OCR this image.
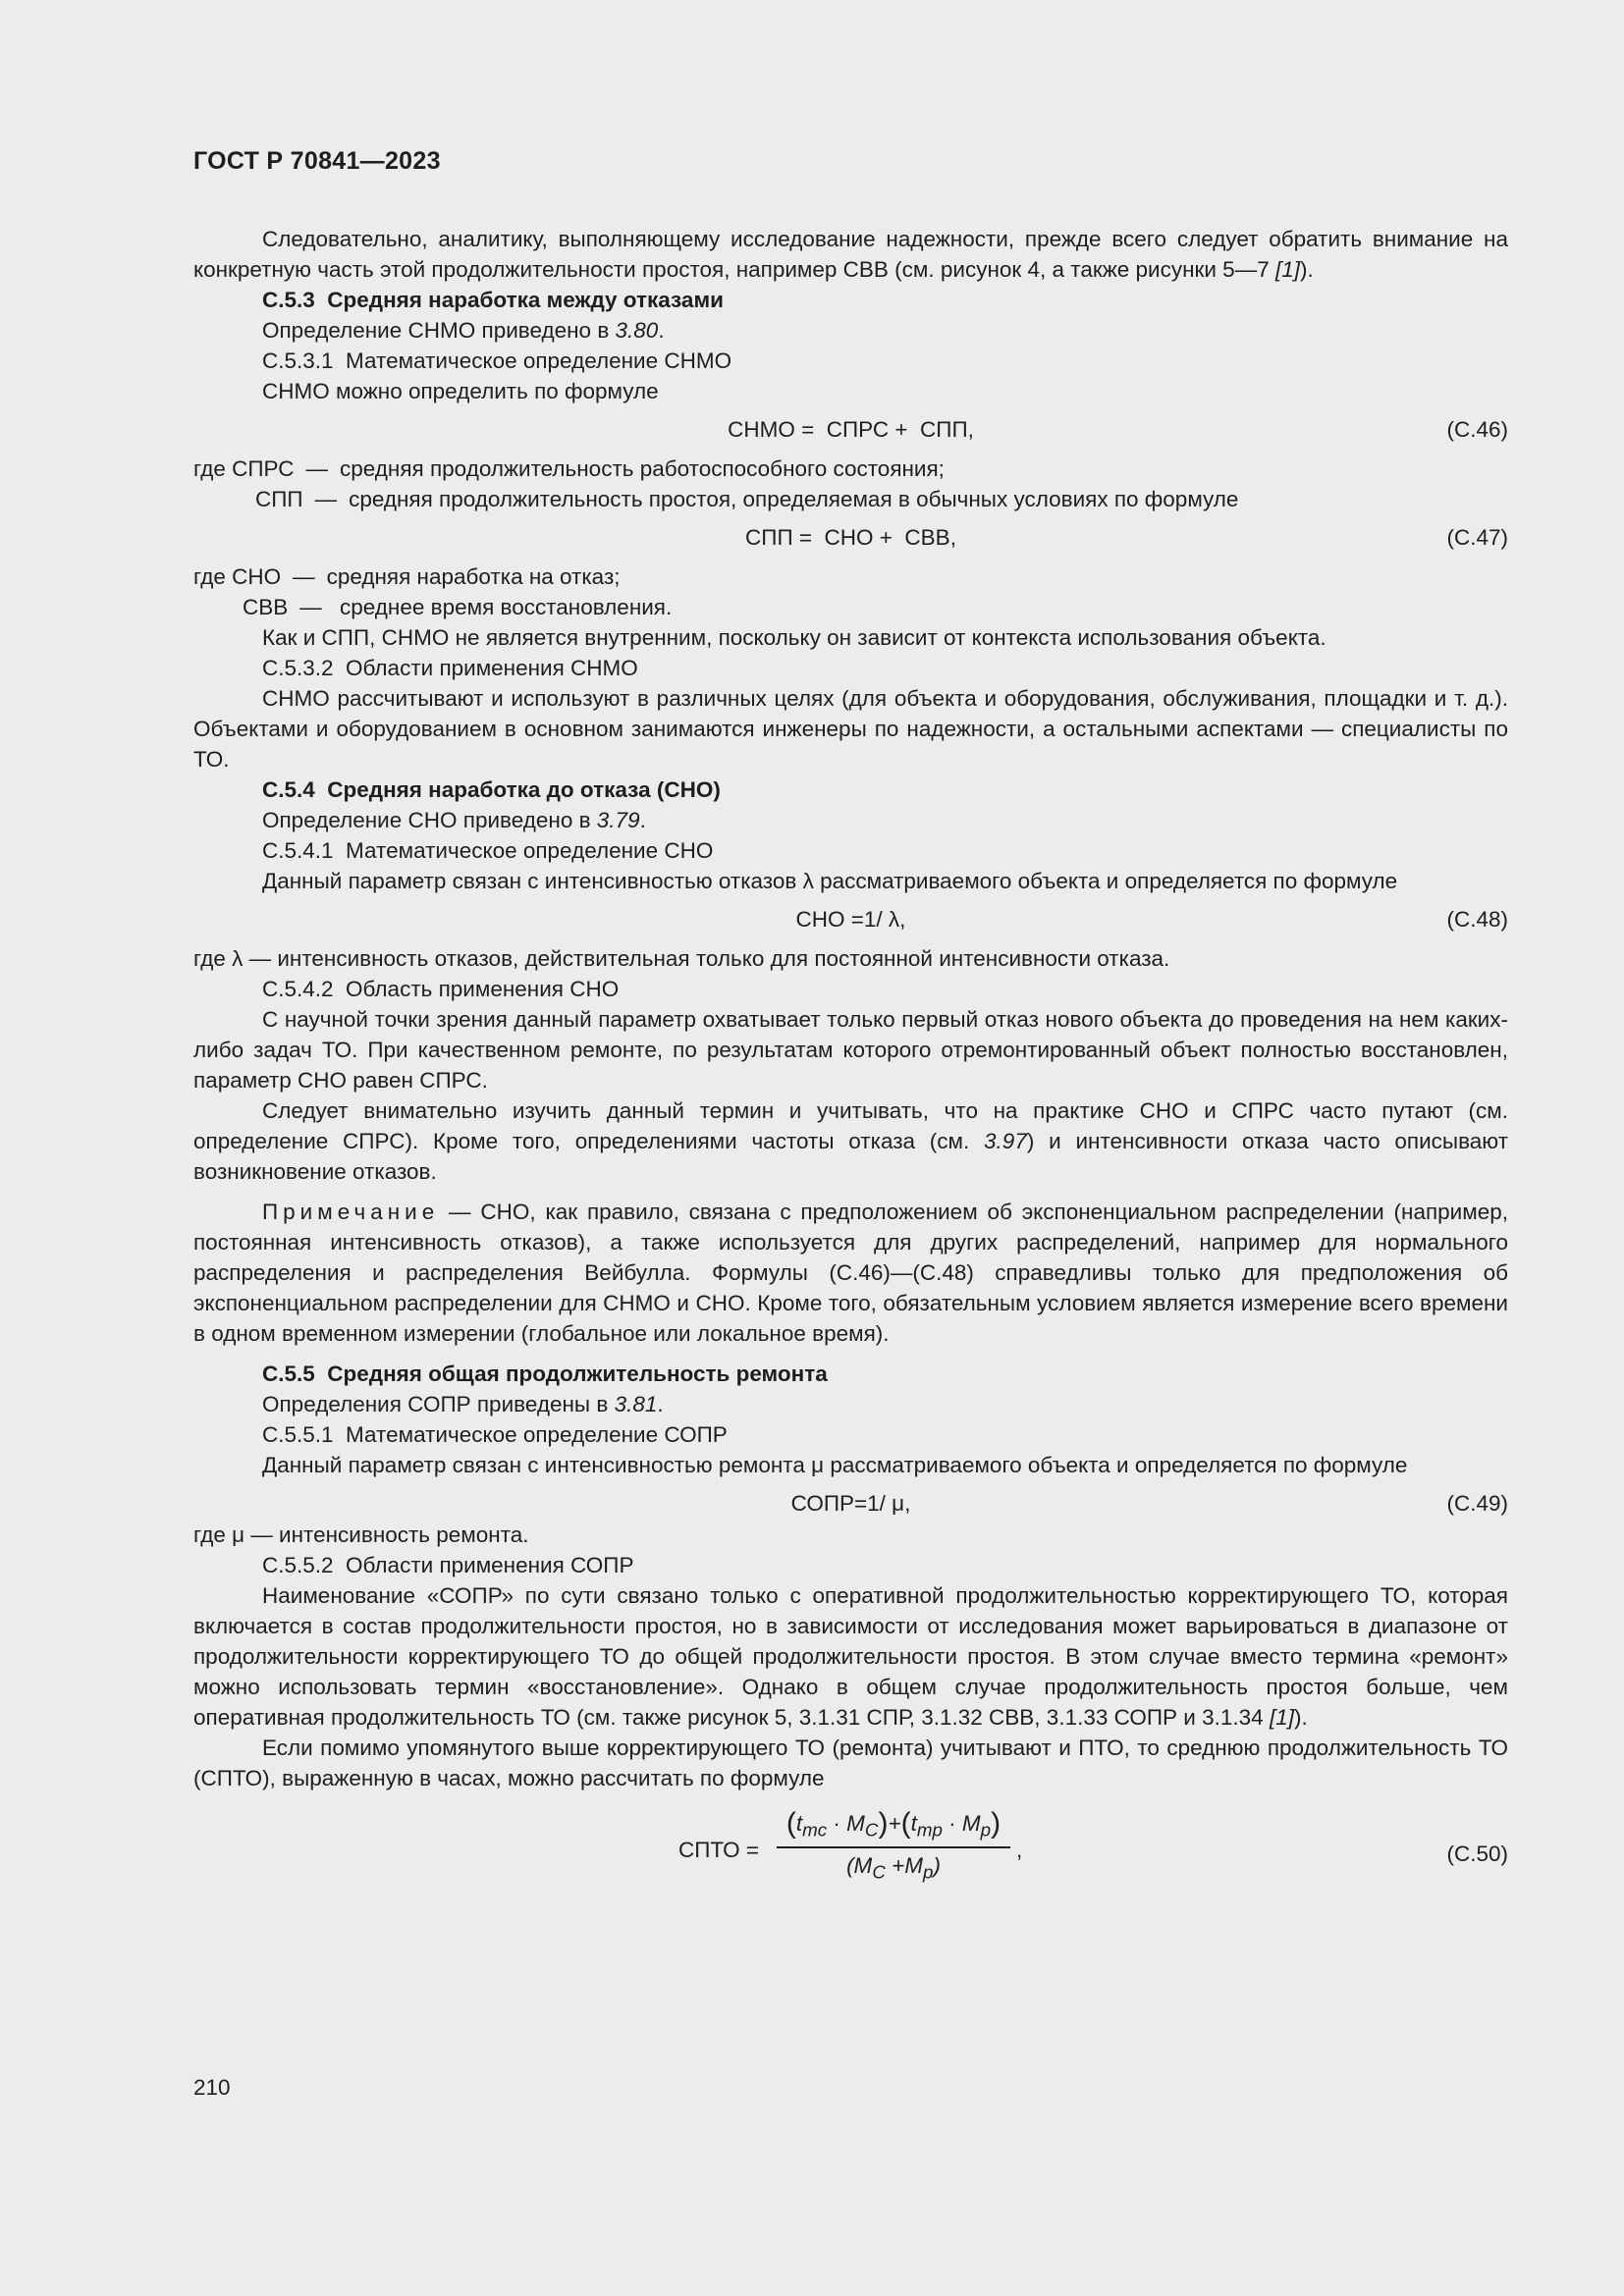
ГОСТ Р 70841—2023

Следовательно, аналитику, выполняющему исследование надежности, прежде всего следует обратить внимание на конкретную часть этой продолжительности простоя, например СВВ (см. рисунок 4, а также рисунки 5—7 [1]).

С.5.3  Средняя наработка между отказами

Определение СНМО приведено в 3.80.

С.5.3.1  Математическое определение СНМО

СНМО можно определить по формуле

СНМО =  СПРС +  СПП,	(С.46)
где СПРС — средняя продолжительность работоспособного состояния;
СПП — средняя продолжительность простоя, определяемая в обычных условиях по формуле
СПП =  СНО +  СВВ,	(С.47)
где СНО — средняя наработка на отказ;
СВВ — среднее время восстановления.

Как и СПП, СНМО не является внутренним, поскольку он зависит от контекста использования объекта.

С.5.3.2  Области применения СНМО

СНМО рассчитывают и используют в различных целях (для объекта и оборудования, обслуживания, площадки и т. д.). Объектами и оборудованием в основном занимаются инженеры по надежности, а остальными аспектами — специалисты по ТО.

С.5.4  Средняя наработка до отказа (СНО)

Определение СНО приведено в 3.79.

С.5.4.1  Математическое определение СНО

Данный параметр связан с интенсивностью отказов λ рассматриваемого объекта и определяется по формуле

СНО =1/ λ,	(С.48)

где λ — интенсивность отказов, действительная только для постоянной интенсивности отказа.

С.5.4.2  Область применения СНО

С научной точки зрения данный параметр охватывает только первый отказ нового объекта до проведения на нем каких-либо задач ТО. При качественном ремонте, по результатам которого отремонтированный объект полностью восстановлен, параметр СНО равен СПРС.

Следует внимательно изучить данный термин и учитывать, что на практике СНО и СПРС часто путают (см. определение СПРС). Кроме того, определениями частоты отказа (см. 3.97) и интенсивности отказа часто описывают возникновение отказов.

Примечание — СНО, как правило, связана с предположением об экспоненциальном распределении (например, постоянная интенсивность отказов), а также используется для других распределений, например для нормального распределения и распределения Вейбулла. Формулы (С.46)—(С.48) справедливы только для предположения об экспоненциальном распределении для СНМО и СНО. Кроме того, обязательным условием является измерение всего времени в одном временном измерении (глобальное или локальное время).

С.5.5  Средняя общая продолжительность ремонта

Определения СОПР приведены в 3.81.

С.5.5.1  Математическое определение СОПР

Данный параметр связан с интенсивностью ремонта μ рассматриваемого объекта и определяется по формуле

СОПР=1/ μ,	(С.49)

где μ — интенсивность ремонта.

С.5.5.2  Области применения СОПР

Наименование «СОПР» по сути связано только с оперативной продолжительностью корректирующего ТО, которая включается в состав продолжительности простоя, но в зависимости от исследования может варьироваться в диапазоне от продолжительности корректирующего ТО до общей продолжительности простоя. В этом случае вместо термина «ремонт» можно использовать термин «восстановление». Однако в общем случае продолжительность простоя больше, чем оперативная продолжительность ТО (см. также рисунок 5, 3.1.31 СПР, 3.1.32 СВВ, 3.1.33 СОПР и 3.1.34 [1]).

Если помимо упомянутого выше корректирующего ТО (ремонта) учитывают и ПТО, то среднюю продолжительность ТО (СПТО), выраженную в часах, можно рассчитать по формуле

СПТО =
$(t_{mc} \cdot M_C)+(t_{mp} \cdot M_p)$
$(M_C +M_p)$
,	(С.50)
210
